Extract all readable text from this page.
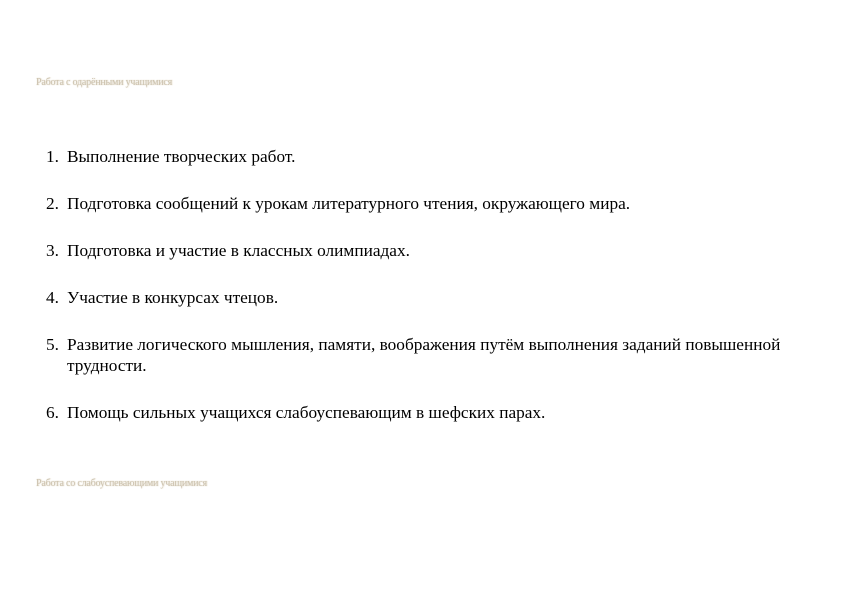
Работа с одарёнными учащимися
1. Выполнение творческих работ.
2. Подготовка сообщений к урокам литературного чтения, окружающего мира.
3. Подготовка и участие в классных олимпиадах.
4. Участие в конкурсах чтецов.
5. Развитие логического мышления, памяти, воображения путём выполнения заданий повышенной трудности.
6. Помощь сильных учащихся слабоуспевающим в шефских парах.
Работа со слабоуспевающими учащимися
